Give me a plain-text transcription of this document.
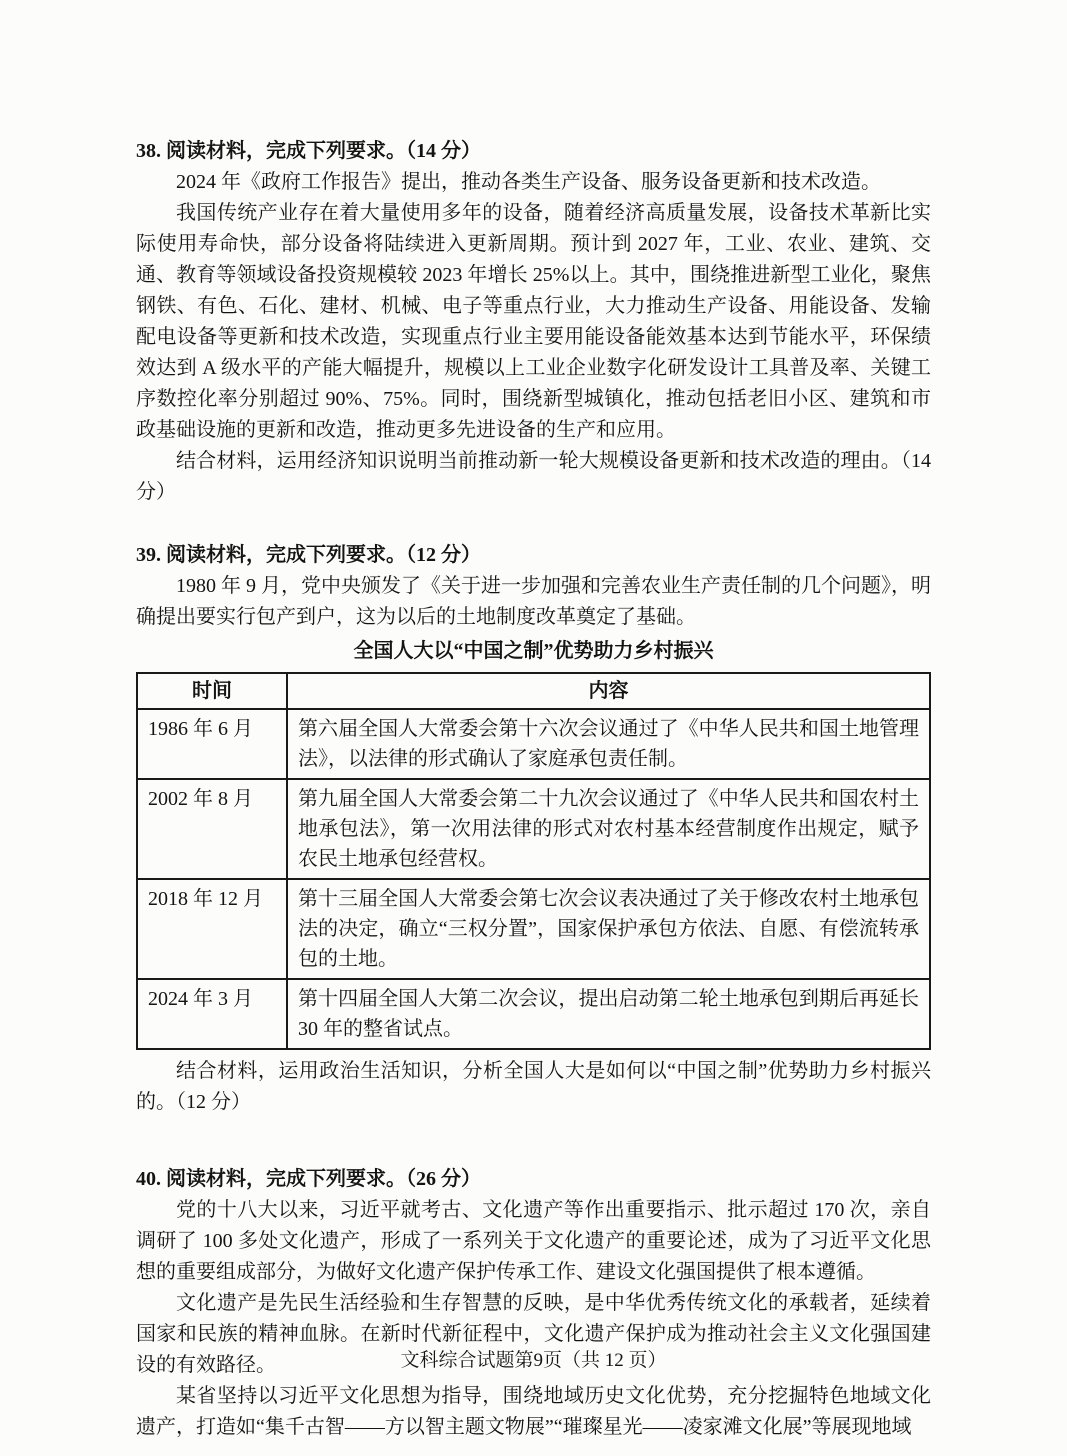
38. 阅读材料，完成下列要求。（14 分）

2024 年《政府工作报告》提出，推动各类生产设备、服务设备更新和技术改造。

我国传统产业存在着大量使用多年的设备，随着经济高质量发展，设备技术革新比实际使用寿命快，部分设备将陆续进入更新周期。预计到 2027 年，工业、农业、建筑、交通、教育等领域设备投资规模较 2023 年增长 25%以上。其中，围绕推进新型工业化，聚焦钢铁、有色、石化、建材、机械、电子等重点行业，大力推动生产设备、用能设备、发输配电设备等更新和技术改造，实现重点行业主要用能设备能效基本达到节能水平，环保绩效达到 A 级水平的产能大幅提升，规模以上工业企业数字化研发设计工具普及率、关键工序数控化率分别超过 90%、75%。同时，围绕新型城镇化，推动包括老旧小区、建筑和市政基础设施的更新和改造，推动更多先进设备的生产和应用。

结合材料，运用经济知识说明当前推动新一轮大规模设备更新和技术改造的理由。（14 分）

39. 阅读材料，完成下列要求。（12 分）

1980 年 9 月，党中央颁发了《关于进一步加强和完善农业生产责任制的几个问题》，明确提出要实行包产到户，这为以后的土地制度改革奠定了基础。

全国人大以“中国之制”优势助力乡村振兴

时间	内容
1986 年 6 月	第六届全国人大常委会第十六次会议通过了《中华人民共和国土地管理法》，以法律的形式确认了家庭承包责任制。
2002 年 8 月	第九届全国人大常委会第二十九次会议通过了《中华人民共和国农村土地承包法》，第一次用法律的形式对农村基本经营制度作出规定，赋予农民土地承包经营权。
2018 年 12 月	第十三届全国人大常委会第七次会议表决通过了关于修改农村土地承包法的决定，确立“三权分置”，国家保护承包方依法、自愿、有偿流转承包的土地。
2024 年 3 月	第十四届全国人大第二次会议，提出启动第二轮土地承包到期后再延长 30 年的整省试点。

结合材料，运用政治生活知识，分析全国人大是如何以“中国之制”优势助力乡村振兴的。（12 分）

40. 阅读材料，完成下列要求。（26 分）

党的十八大以来，习近平就考古、文化遗产等作出重要指示、批示超过 170 次，亲自调研了 100 多处文化遗产，形成了一系列关于文化遗产的重要论述，成为了习近平文化思想的重要组成部分，为做好文化遗产保护传承工作、建设文化强国提供了根本遵循。

文化遗产是先民生活经验和生存智慧的反映，是中华优秀传统文化的承载者，延续着国家和民族的精神血脉。在新时代新征程中，文化遗产保护成为推动社会主义文化强国建设的有效路径。

某省坚持以习近平文化思想为指导，围绕地域历史文化优势，充分挖掘特色地域文化遗产，打造如“集千古智——方以智主题文物展”“璀璨星光——凌家滩文化展”等展现地域

文科综合试题第9页（共 12 页）
